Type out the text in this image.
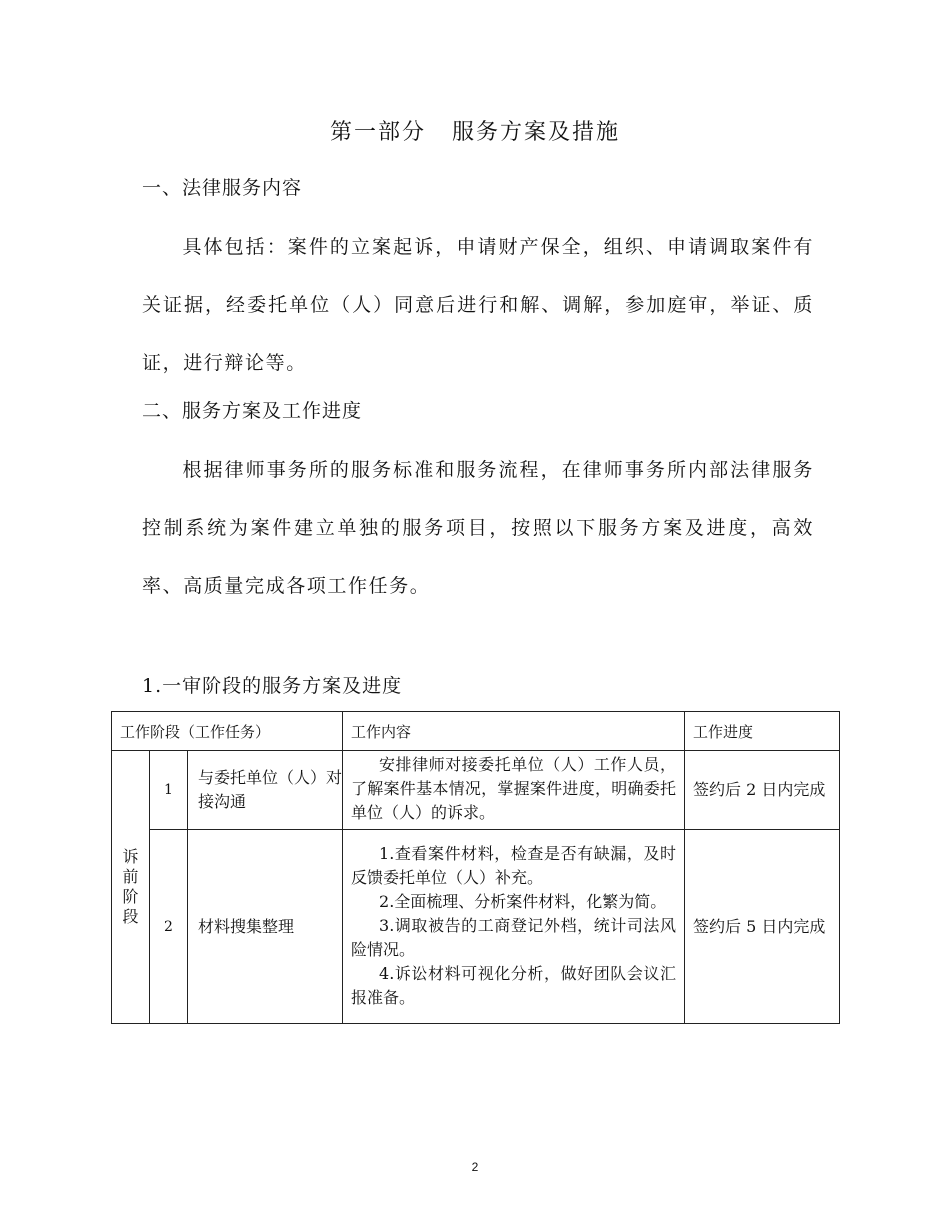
第一部分 服务方案及措施
一、法律服务内容
具体包括：案件的立案起诉，申请财产保全，组织、申请调取案件有关证据，经委托单位（人）同意后进行和解、调解，参加庭审，举证、质证，进行辩论等。
二、服务方案及工作进度
根据律师事务所的服务标准和服务流程，在律师事务所内部法律服务控制系统为案件建立单独的服务项目，按照以下服务方案及进度，高效率、高质量完成各项工作任务。
1.一审阶段的服务方案及进度
工作阶段（工作任务）			工作内容	工作进度

诉
前
阶
段	1	与委托单位（人）对接沟通	安排律师对接委托单位（人）工作人员，了解案件基本情况，掌握案件进度，明确委托单位（人）的诉求。	签约后 2 日内完成
	2	材料搜集整理	1.查看案件材料，检查是否有缺漏，及时反馈委托单位（人）补充。
2.全面梳理、分析案件材料，化繁为简。
3.调取被告的工商登记外档，统计司法风险情况。
4.诉讼材料可视化分析，做好团队会议汇报准备。	签约后 5 日内完成
2
